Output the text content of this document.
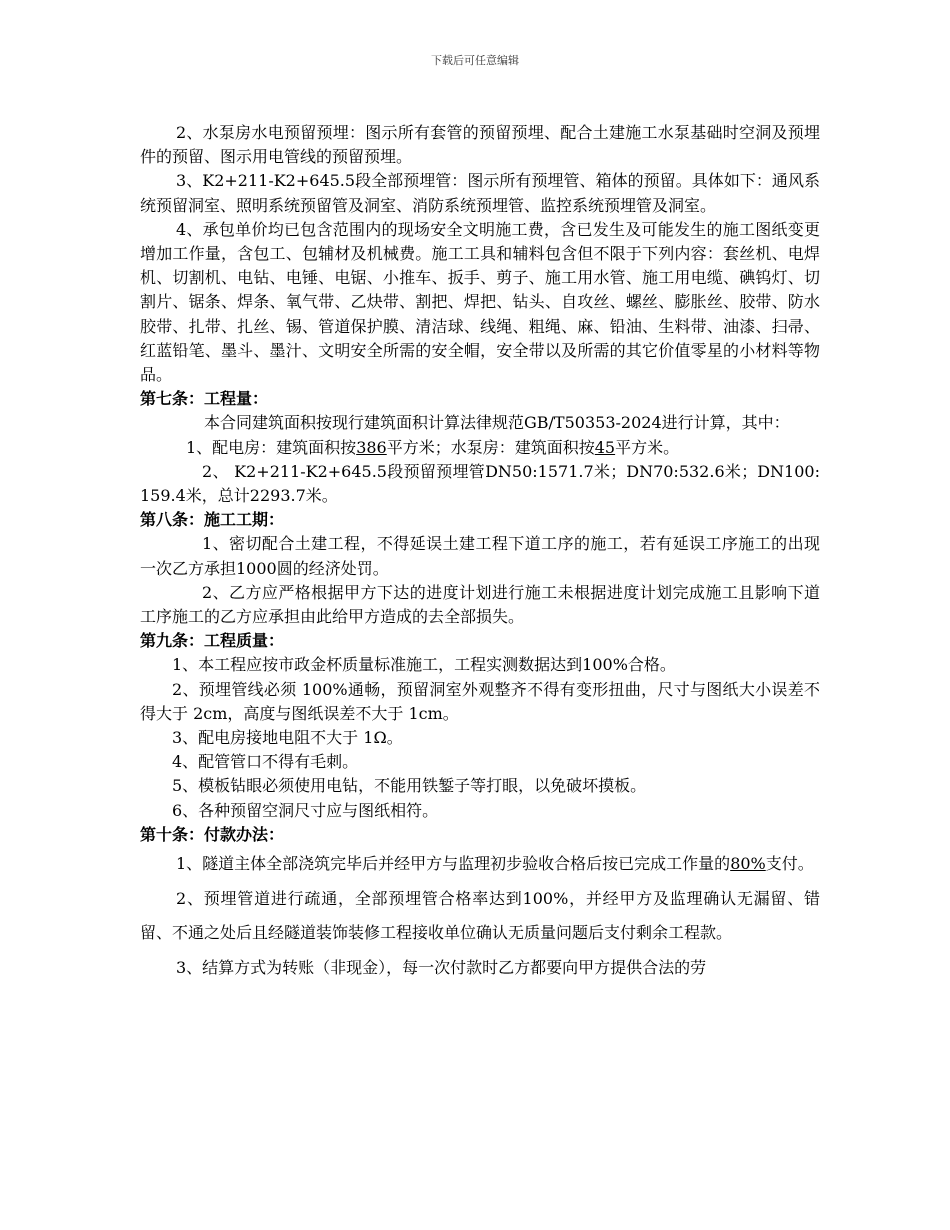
下载后可任意编辑

2、水泵房水电预留预埋：图示所有套管的预留预埋、配合土建施工水泵基础时空洞及预埋件的预留、图示用电管线的预留预埋。

3、K2+211-K2+645.5段全部预埋管：图示所有预埋管、箱体的预留。具体如下：通风系统预留洞室、照明系统预留管及洞室、消防系统预埋管、监控系统预埋管及洞室。

4、承包单价均已包含范围内的现场安全文明施工费，含已发生及可能发生的施工图纸变更增加工作量，含包工、包辅材及机械费。施工工具和辅料包含但不限于下列内容：套丝机、电焊机、切割机、电钻、电锤、电锯、小推车、扳手、剪子、施工用水管、施工用电缆、碘钨灯、切割片、锯条、焊条、氧气带、乙炔带、割把、焊把、钻头、自攻丝、螺丝、膨胀丝、胶带、防水胶带、扎带、扎丝、锡、管道保护膜、清洁球、线绳、粗绳、麻、铅油、生料带、油漆、扫帚、红蓝铅笔、墨斗、墨汁、文明安全所需的安全帽，安全带以及所需的其它价值零星的小材料等物品。

第七条：工程量：

本合同建筑面积按现行建筑面积计算法律规范GB/T50353-2024进行计算，其中：

1、配电房：建筑面积按386平方米；水泵房：建筑面积按45平方米。

2、 K2+211-K2+645.5段预留预埋管DN50:1571.7米；DN70:532.6米；DN100:159.4米，总计2293.7米。

第八条：施工工期：

1、密切配合土建工程，不得延误土建工程下道工序的施工，若有延误工序施工的出现一次乙方承担1000圆的经济处罚。

2、乙方应严格根据甲方下达的进度计划进行施工未根据进度计划完成施工且影响下道工序施工的乙方应承担由此给甲方造成的去全部损失。

第九条：工程质量：

1、本工程应按市政金杯质量标准施工，工程实测数据达到100%合格。

2、预埋管线必须 100%通畅，预留洞室外观整齐不得有变形扭曲，尺寸与图纸大小误差不得大于 2cm，高度与图纸误差不大于 1cm。

3、配电房接地电阻不大于 1Ω。

4、配管管口不得有毛刺。

5、模板钻眼必须使用电钻，不能用铁錾子等打眼，以免破坏摸板。

6、各种预留空洞尺寸应与图纸相符。

第十条：付款办法：

1、隧道主体全部浇筑完毕后并经甲方与监理初步验收合格后按已完成工作量的80%支付。

2、预埋管道进行疏通，全部预埋管合格率达到100%，并经甲方及监理确认无漏留、错留、不通之处后且经隧道装饰装修工程接收单位确认无质量问题后支付剩余工程款。

3、结算方式为转账（非现金），每一次付款时乙方都要向甲方提供合法的劳
